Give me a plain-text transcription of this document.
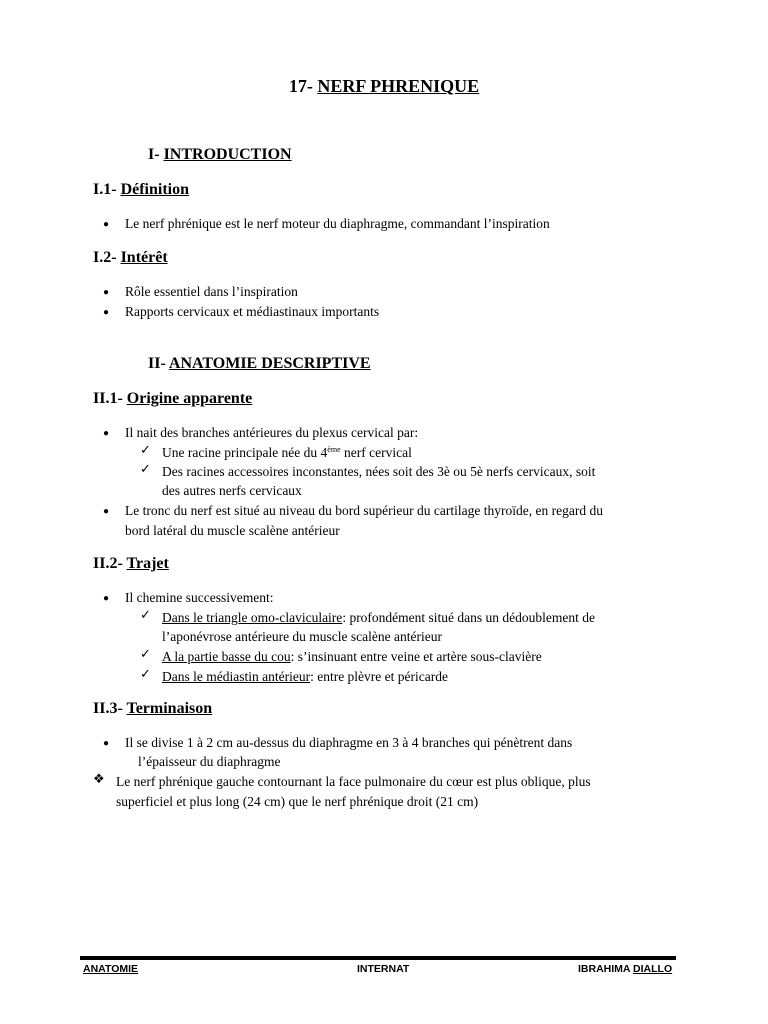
17- NERF PHRENIQUE
I- INTRODUCTION
I.1- Définition
● Le nerf phrénique est le nerf moteur du diaphragme, commandant l’inspiration
I.2- Intérêt
● Rôle essentiel dans l’inspiration
● Rapports cervicaux et médiastinaux importants
II- ANATOMIE DESCRIPTIVE
II.1- Origine apparente
● Il nait des branches antérieures du plexus cervical par:
✓ Une racine principale née du 4ème nerf cervical
✓ Des racines accessoires inconstantes, nées soit des 3è ou 5è nerfs cervicaux, soit
des autres nerfs cervicaux
● Le tronc du nerf est situé au niveau du bord supérieur du cartilage thyroïde, en regard du
bord latéral du muscle scalène antérieur
II.2- Trajet
● Il chemine successivement:
✓ Dans le triangle omo-claviculaire: profondément situé dans un dédoublement de
l’aponévrose antérieure du muscle scalène antérieur
✓ A la partie basse du cou: s’insinuant entre veine et artère sous-clavière
✓ Dans le médiastin antérieur: entre plèvre et péricarde
II.3- Terminaison
● Il se divise 1 à 2 cm au-dessus du diaphragme en 3 à 4 branches qui pénètrent dans
l’épaisseur du diaphragme
❖ Le nerf phrénique gauche contournant la face pulmonaire du cœur est plus oblique, plus
superficiel et plus long (24 cm) que le nerf phrénique droit (21 cm)
ANATOMIE	INTERNAT	IBRAHIMA DIALLO
